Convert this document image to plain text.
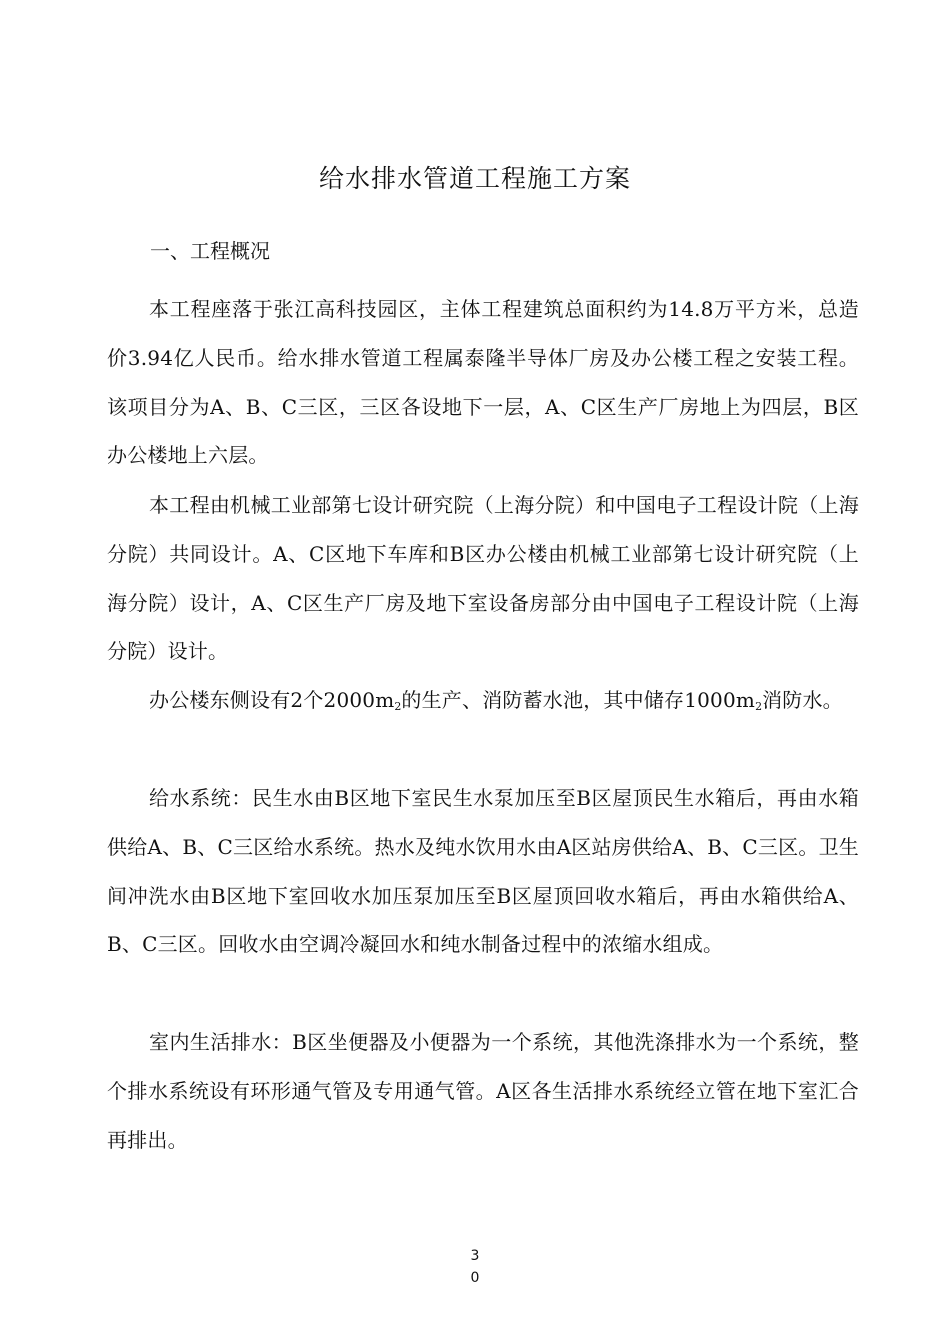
给水排水管道工程施工方案
一、工程概况

本工程座落于张江高科技园区，主体工程建筑总面积约为14.8万平方米，总造价3.94亿人民币。给水排水管道工程属泰隆半导体厂房及办公楼工程之安装工程。该项目分为A、B、C三区，三区各设地下一层，A、C区生产厂房地上为四层，B区办公楼地上六层。

本工程由机械工业部第七设计研究院（上海分院）和中国电子工程设计院（上海分院）共同设计。A、C区地下车库和B区办公楼由机械工业部第七设计研究院（上海分院）设计，A、C区生产厂房及地下室设备房部分由中国电子工程设计院（上海分院）设计。

办公楼东侧设有2个$2000m_2$的生产、消防蓄水池，其中储存$1000m_2$消防水。

给水系统：民生水由B区地下室民生水泵加压至B区屋顶民生水箱后，再由水箱供给A、B、C三区给水系统。热水及纯水饮用水由A区站房供给A、B、C三区。卫生间冲洗水由B区地下室回收水加压泵加压至B区屋顶回收水箱后，再由水箱供给A、B、C三区。回收水由空调冷凝回水和纯水制备过程中的浓缩水组成。

室内生活排水：B区坐便器及小便器为一个系统，其他洗涤排水为一个系统，整个排水系统设有环形通气管及专用通气管。A区各生活排水系统经立管在地下室汇合再排出。

3
0
